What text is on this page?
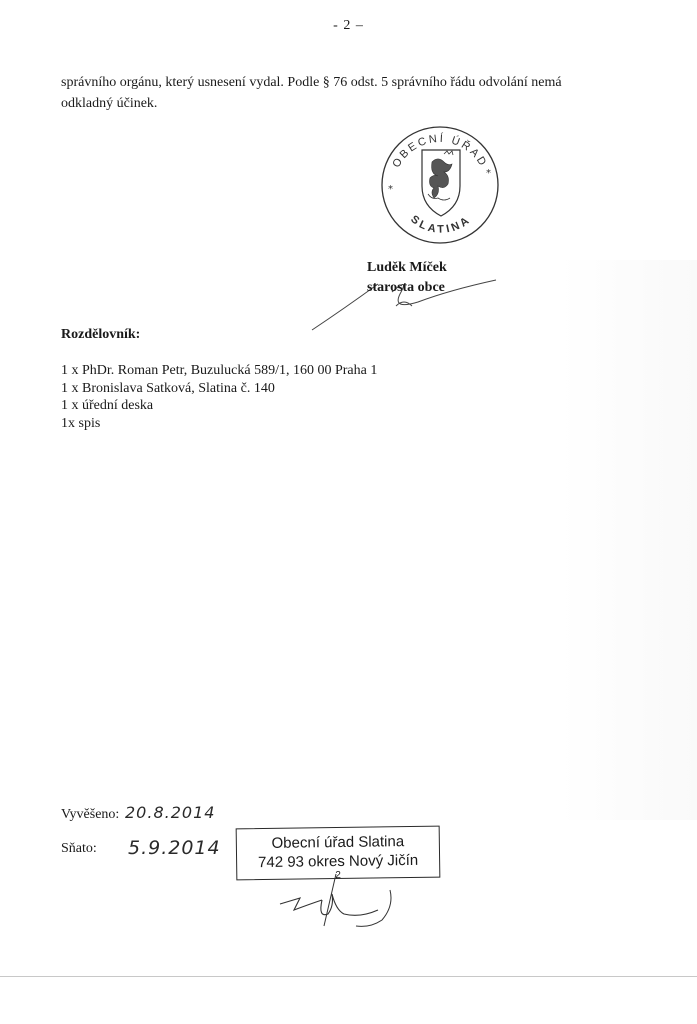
- 2 –

správního orgánu, který usnesení vydal. Podle § 76 odst. 5 správního řádu odvolání nemá
odkladný účinek.

OBECNÍ ÚŘAD
SLATINA
*
*
Luděk Míček
starosta obce
Rozdělovník:
1 x PhDr. Roman Petr, Buzulucká 589/1, 160 00 Praha 1
1 x Bronislava Satková, Slatina č. 140
1 x úřední deska
1x spis
Vyvěšeno: 20.8.2014
Sňato: 5.9.2014	Obecní úřad Slatina
742 93 okres Nový Jičín
2
